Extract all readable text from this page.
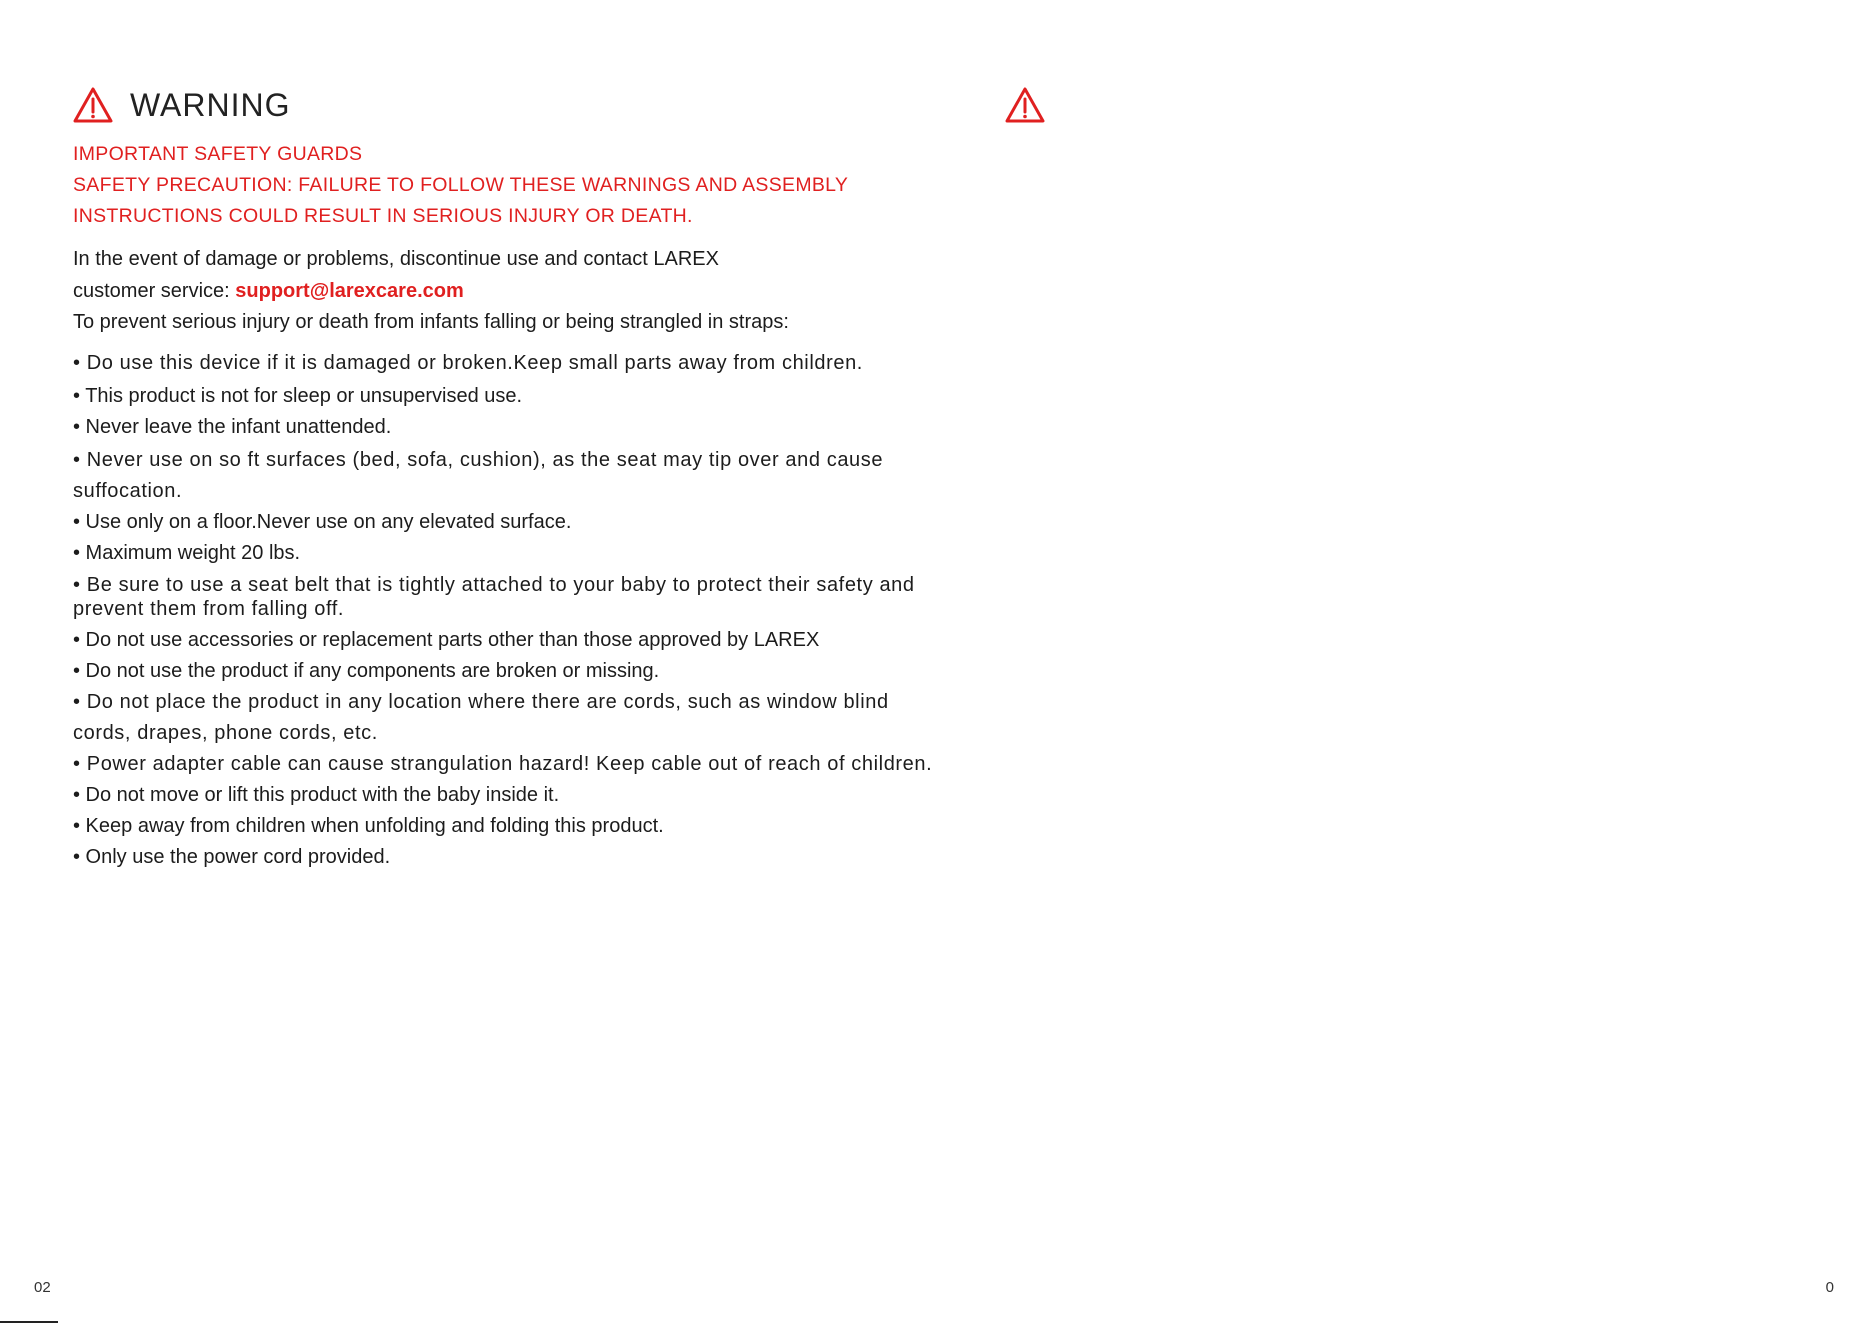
WARNING
IMPORTANT SAFETY GUARDS
SAFETY PRECAUTION: FAILURE TO FOLLOW THESE WARNINGS AND ASSEMBLY
INSTRUCTIONS COULD RESULT IN SERIOUS INJURY OR DEATH.
In the event of damage or problems, discontinue use and contact LAREX
customer service: support@larexcare.com
To prevent serious injury or death from infants falling or being strangled in straps:
• Do use this device if it is damaged or broken.Keep small parts away from children.
• This product is not for sleep or unsupervised use.
• Never leave the infant unattended.
• Never use on so ft surfaces (bed, sofa, cushion), as the seat may tip over and cause suffocation.
• Use only on a floor.Never use on any elevated surface.
• Maximum weight 20 lbs.
• Be sure to use a seat belt that is tightly attached to your baby to protect their safety and prevent them from falling off.
• Do not use accessories or replacement parts other than those approved by LAREX
• Do not use the product if any components are broken or missing.
• Do not place the product in any location where there are cords, such as window blind cords, drapes, phone cords, etc.
• Power adapter cable can cause strangulation hazard! Keep cable out of reach of children.
• Do not move or lift this product with the baby inside it.
• Keep away from children when unfolding and folding this product.
• Only use the power cord provided.
02	0
